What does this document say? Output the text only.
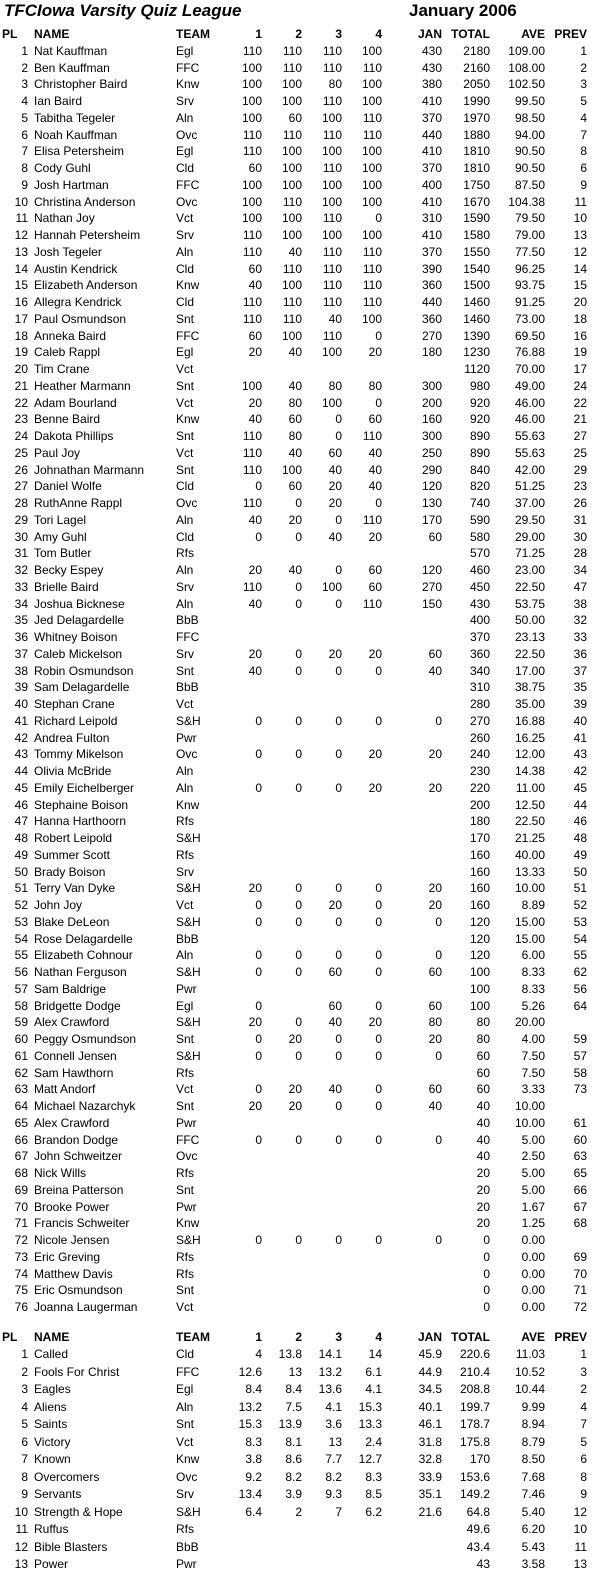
TFCIowa Varsity Quiz League	January 2006
PL		NAME	TEAM	1	2	3	4	JAN	TOTAL	AVE	PREV
1		Nat Kauffman	Egl	110	110	110	100	430	2180	109.00	1
2		Ben Kauffman	FFC	100	110	110	110	430	2160	108.00	2
3		Christopher Baird	Knw	100	100	80	100	380	2050	102.50	3
4		Ian Baird	Srv	100	100	110	100	410	1990	99.50	5
5		Tabitha Tegeler	Aln	100	60	100	110	370	1970	98.50	4
6		Noah Kauffman	Ovc	110	110	110	110	440	1880	94.00	7
7		Elisa Petersheim	Egl	110	100	100	100	410	1810	90.50	8
8		Cody Guhl	Cld	60	100	110	100	370	1810	90.50	6
9		Josh Hartman	FFC	100	100	100	100	400	1750	87.50	9
10		Christina Anderson	Ovc	100	110	100	100	410	1670	104.38	11
11		Nathan Joy	Vct	100	100	110	0	310	1590	79.50	10
12		Hannah Petersheim	Srv	110	100	100	100	410	1580	79.00	13
13		Josh Tegeler	Aln	110	40	110	110	370	1550	77.50	12
14		Austin Kendrick	Cld	60	110	110	110	390	1540	96.25	14
15		Elizabeth Anderson	Knw	40	100	110	110	360	1500	93.75	15
16		Allegra Kendrick	Cld	110	110	110	110	440	1460	91.25	20
17		Paul Osmundson	Snt	110	110	40	100	360	1460	73.00	18
18		Anneka Baird	FFC	60	100	110	0	270	1390	69.50	16
19		Caleb Rappl	Egl	20	40	100	20	180	1230	76.88	19
20		Tim Crane	Vct						1120	70.00	17
21		Heather Marmann	Snt	100	40	80	80	300	980	49.00	24
22		Adam Bourland	Vct	20	80	100	0	200	920	46.00	22
23		Benne Baird	Knw	40	60	0	60	160	920	46.00	21
24		Dakota Phillips	Snt	110	80	0	110	300	890	55.63	27
25		Paul Joy	Vct	110	40	60	40	250	890	55.63	25
26		Johnathan Marmann	Snt	110	100	40	40	290	840	42.00	29
27		Daniel Wolfe	Cld	0	60	20	40	120	820	51.25	23
28		RuthAnne Rappl	Ovc	110	0	20	0	130	740	37.00	26
29		Tori Lagel	Aln	40	20	0	110	170	590	29.50	31
30		Amy Guhl	Cld	0	0	40	20	60	580	29.00	30
31		Tom Butler	Rfs						570	71.25	28
32		Becky Espey	Aln	20	40	0	60	120	460	23.00	34
33		Brielle Baird	Srv	110	0	100	60	270	450	22.50	47
34		Joshua Bicknese	Aln	40	0	0	110	150	430	53.75	38
35		Jed Delagardelle	BbB						400	50.00	32
36		Whitney Boison	FFC						370	23.13	33
37		Caleb Mickelson	Srv	20	0	20	20	60	360	22.50	36
38		Robin Osmundson	Snt	40	0	0	0	40	340	17.00	37
39		Sam Delagardelle	BbB						310	38.75	35
40		Stephan Crane	Vct						280	35.00	39
41		Richard Leipold	S&H	0	0	0	0	0	270	16.88	40
42		Andrea Fulton	Pwr						260	16.25	41
43		Tommy Mikelson	Ovc	0	0	0	20	20	240	12.00	43
44		Olivia McBride	Aln						230	14.38	42
45		Emily Eichelberger	Aln	0	0	0	20	20	220	11.00	45
46		Stephaine Boison	Knw						200	12.50	44
47		Hanna Harthoorn	Rfs						180	22.50	46
48		Robert Leipold	S&H						170	21.25	48
49		Summer Scott	Rfs						160	40.00	49
50		Brady Boison	Srv						160	13.33	50
51		Terry Van Dyke	S&H	20	0	0	0	20	160	10.00	51
52		John Joy	Vct	0	0	20	0	20	160	8.89	52
53		Blake DeLeon	S&H	0	0	0	0	0	120	15.00	53
54		Rose Delagardelle	BbB						120	15.00	54
55		Elizabeth Cohnour	Aln	0	0	0	0	0	120	6.00	55
56		Nathan Ferguson	S&H	0	0	60	0	60	100	8.33	62
57		Sam Baldrige	Pwr						100	8.33	56
58		Bridgette Dodge	Egl	0		60	0	60	100	5.26	64
59		Alex Crawford	S&H	20	0	40	20	80	80	20.00	
60		Peggy Osmundson	Snt	0	20	0	0	20	80	4.00	59
61		Connell Jensen	S&H	0	0	0	0	0	60	7.50	57
62		Sam Hawthorn	Rfs						60	7.50	58
63		Matt Andorf	Vct	0	20	40	0	60	60	3.33	73
64		Michael Nazarchyk	Snt	20	20	0	0	40	40	10.00	
65		Alex Crawford	Pwr						40	10.00	61
66		Brandon Dodge	FFC	0	0	0	0	0	40	5.00	60
67		John Schweitzer	Ovc						40	2.50	63
68		Nick Wills	Rfs						20	5.00	65
69		Breina Patterson	Snt						20	5.00	66
70		Brooke Power	Pwr						20	1.67	67
71		Francis Schweiter	Knw						20	1.25	68
72		Nicole Jensen	S&H	0	0	0	0	0	0	0.00	
73		Eric Greving	Rfs						0	0.00	69
74		Matthew Davis	Rfs						0	0.00	70
75		Eric Osmundson	Snt						0	0.00	71
76		Joanna Laugerman	Vct						0	0.00	72
PL		NAME	TEAM	1	2	3	4	JAN	TOTAL	AVE	PREV
1		Called	Cld	4	13.8	14.1	14	45.9	220.6	11.03	1
2		Fools For Christ	FFC	12.6	13	13.2	6.1	44.9	210.4	10.52	3
3		Eagles	Egl	8.4	8.4	13.6	4.1	34.5	208.8	10.44	2
4		Aliens	Aln	13.2	7.5	4.1	15.3	40.1	199.7	9.99	4
5		Saints	Snt	15.3	13.9	3.6	13.3	46.1	178.7	8.94	7
6		Victory	Vct	8.3	8.1	13	2.4	31.8	175.8	8.79	5
7		Known	Knw	3.8	8.6	7.7	12.7	32.8	170	8.50	6
8		Overcomers	Ovc	9.2	8.2	8.2	8.3	33.9	153.6	7.68	8
9		Servants	Srv	13.4	3.9	9.3	8.5	35.1	149.2	7.46	9
10		Strength & Hope	S&H	6.4	2	7	6.2	21.6	64.8	5.40	12
11		Ruffus	Rfs						49.6	6.20	10
12		Bible Blasters	BbB						43.4	5.43	11
13		Power	Pwr						43	3.58	13
